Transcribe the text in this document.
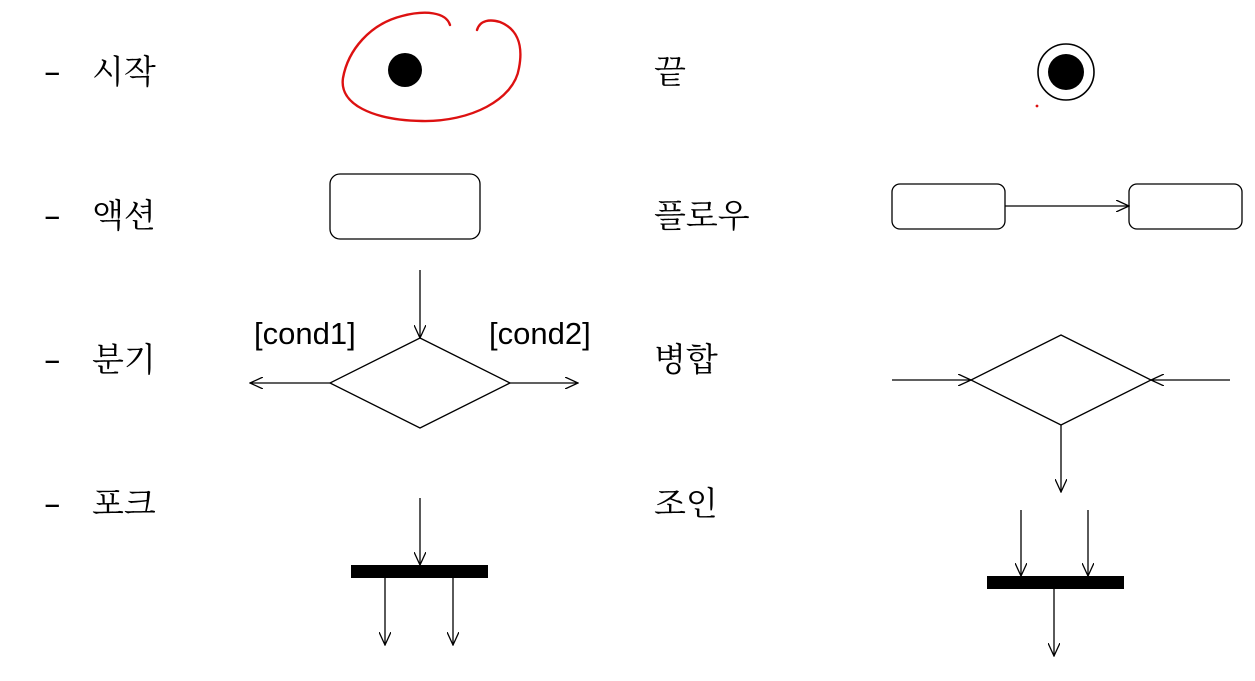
– 시작
– 액션
– 분기
– 포크
끝
플로우
병합
조인
[cond1]	[cond2]
